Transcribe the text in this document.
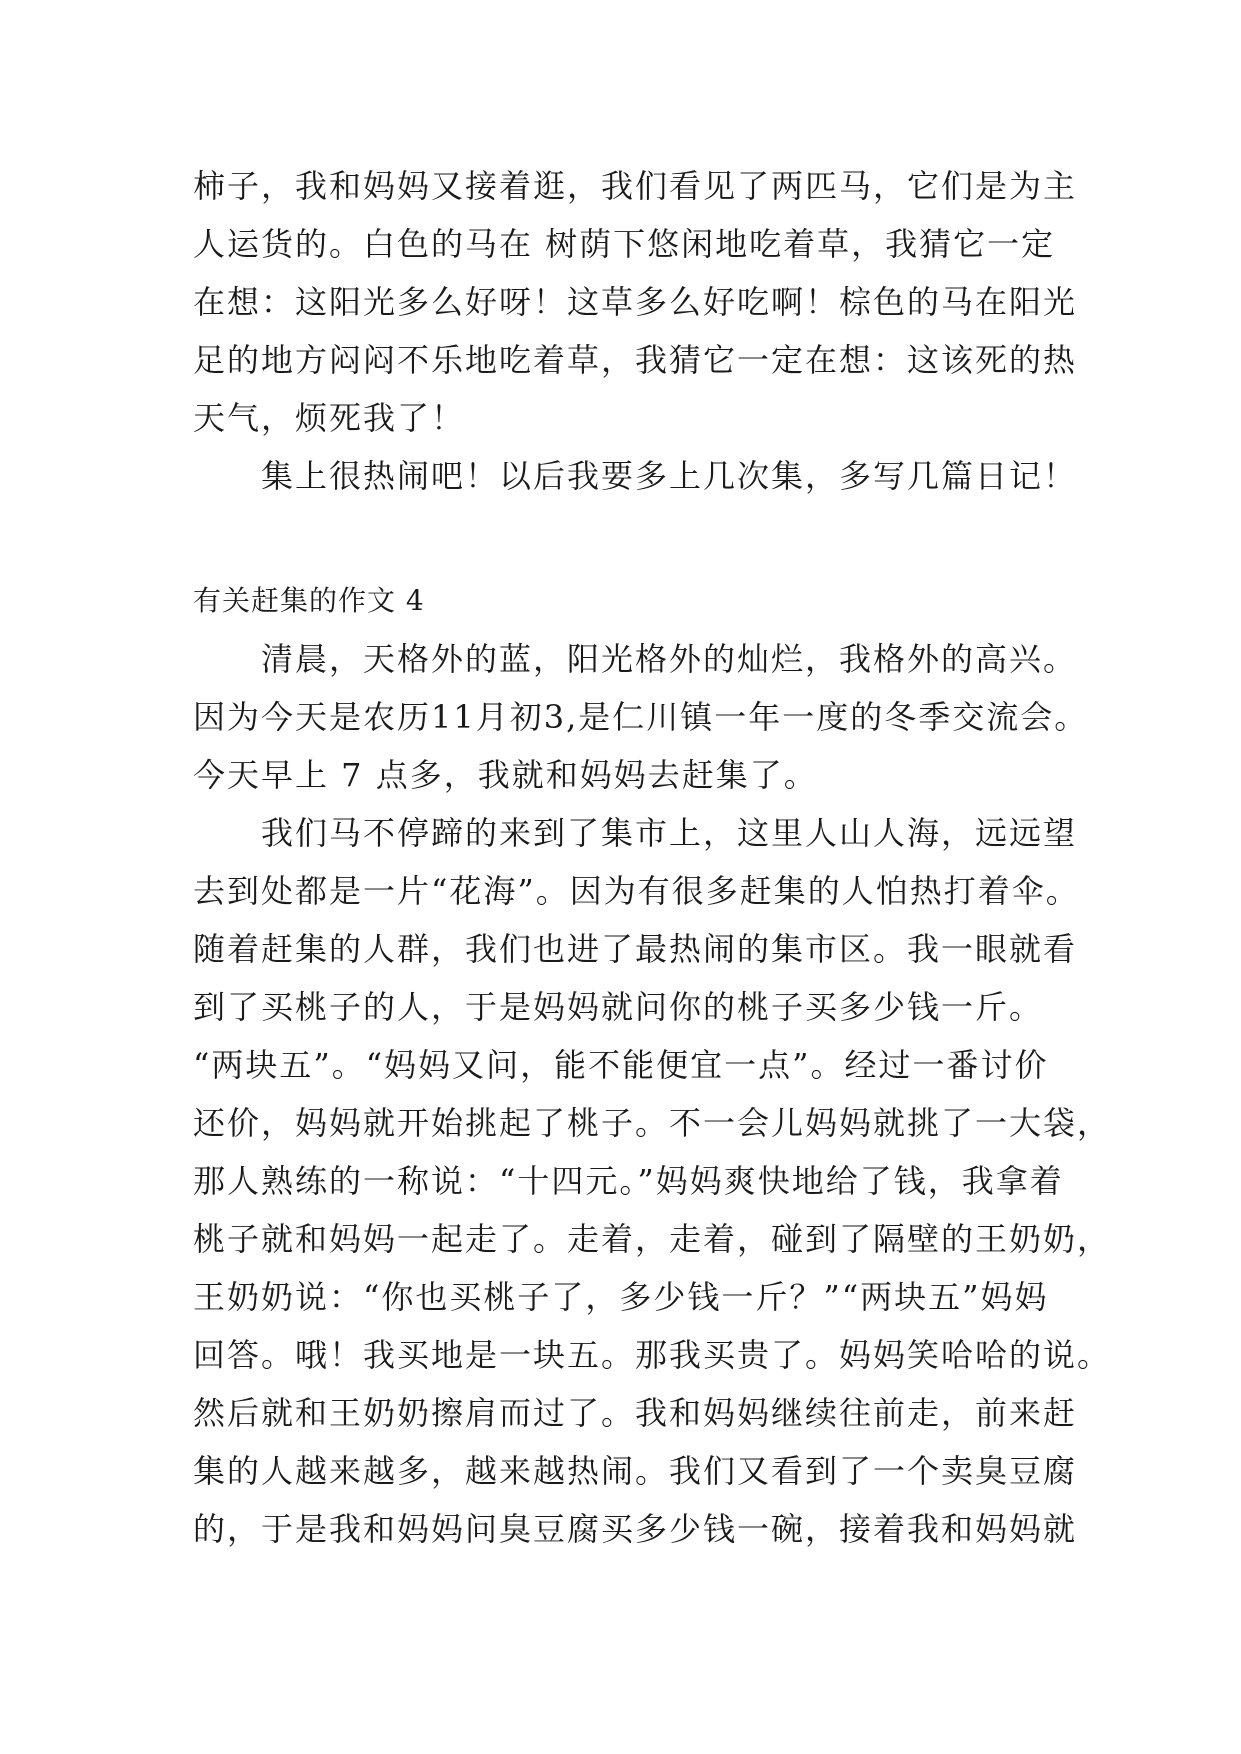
柿子，我和妈妈又接着逛，我们看见了两匹马，它们是为主
人运货的。白色的马在 树荫下悠闲地吃着草，我猜它一定
在想：这阳光多么好呀！这草多么好吃啊！棕色的马在阳光
足的地方闷闷不乐地吃着草，我猜它一定在想：这该死的热
天气，烦死我了！
集上很热闹吧！以后我要多上几次集，多写几篇日记！
有关赶集的作文 4
清晨，天格外的蓝，阳光格外的灿烂，我格外的高兴。
因为今天是农历11月初3,是仁川镇一年一度的冬季交流会。
今天早上 7 点多，我就和妈妈去赶集了。
我们马不停蹄的来到了集市上，这里人山人海，远远望
去到处都是一片“花海”。因为有很多赶集的人怕热打着伞。
随着赶集的人群，我们也进了最热闹的集市区。我一眼就看
到了买桃子的人，于是妈妈就问你的桃子买多少钱一斤。
“两块五”。“妈妈又问，能不能便宜一点”。经过一番讨价
还价，妈妈就开始挑起了桃子。不一会儿妈妈就挑了一大袋，
那人熟练的一称说：“十四元。”妈妈爽快地给了钱，我拿着
桃子就和妈妈一起走了。走着，走着，碰到了隔壁的王奶奶，
王奶奶说：“你也买桃子了，多少钱一斤？”“两块五”妈妈
回答。哦！我买地是一块五。那我买贵了。妈妈笑哈哈的说。
然后就和王奶奶擦肩而过了。我和妈妈继续往前走，前来赶
集的人越来越多，越来越热闹。我们又看到了一个卖臭豆腐
的，于是我和妈妈问臭豆腐买多少钱一碗，接着我和妈妈就
